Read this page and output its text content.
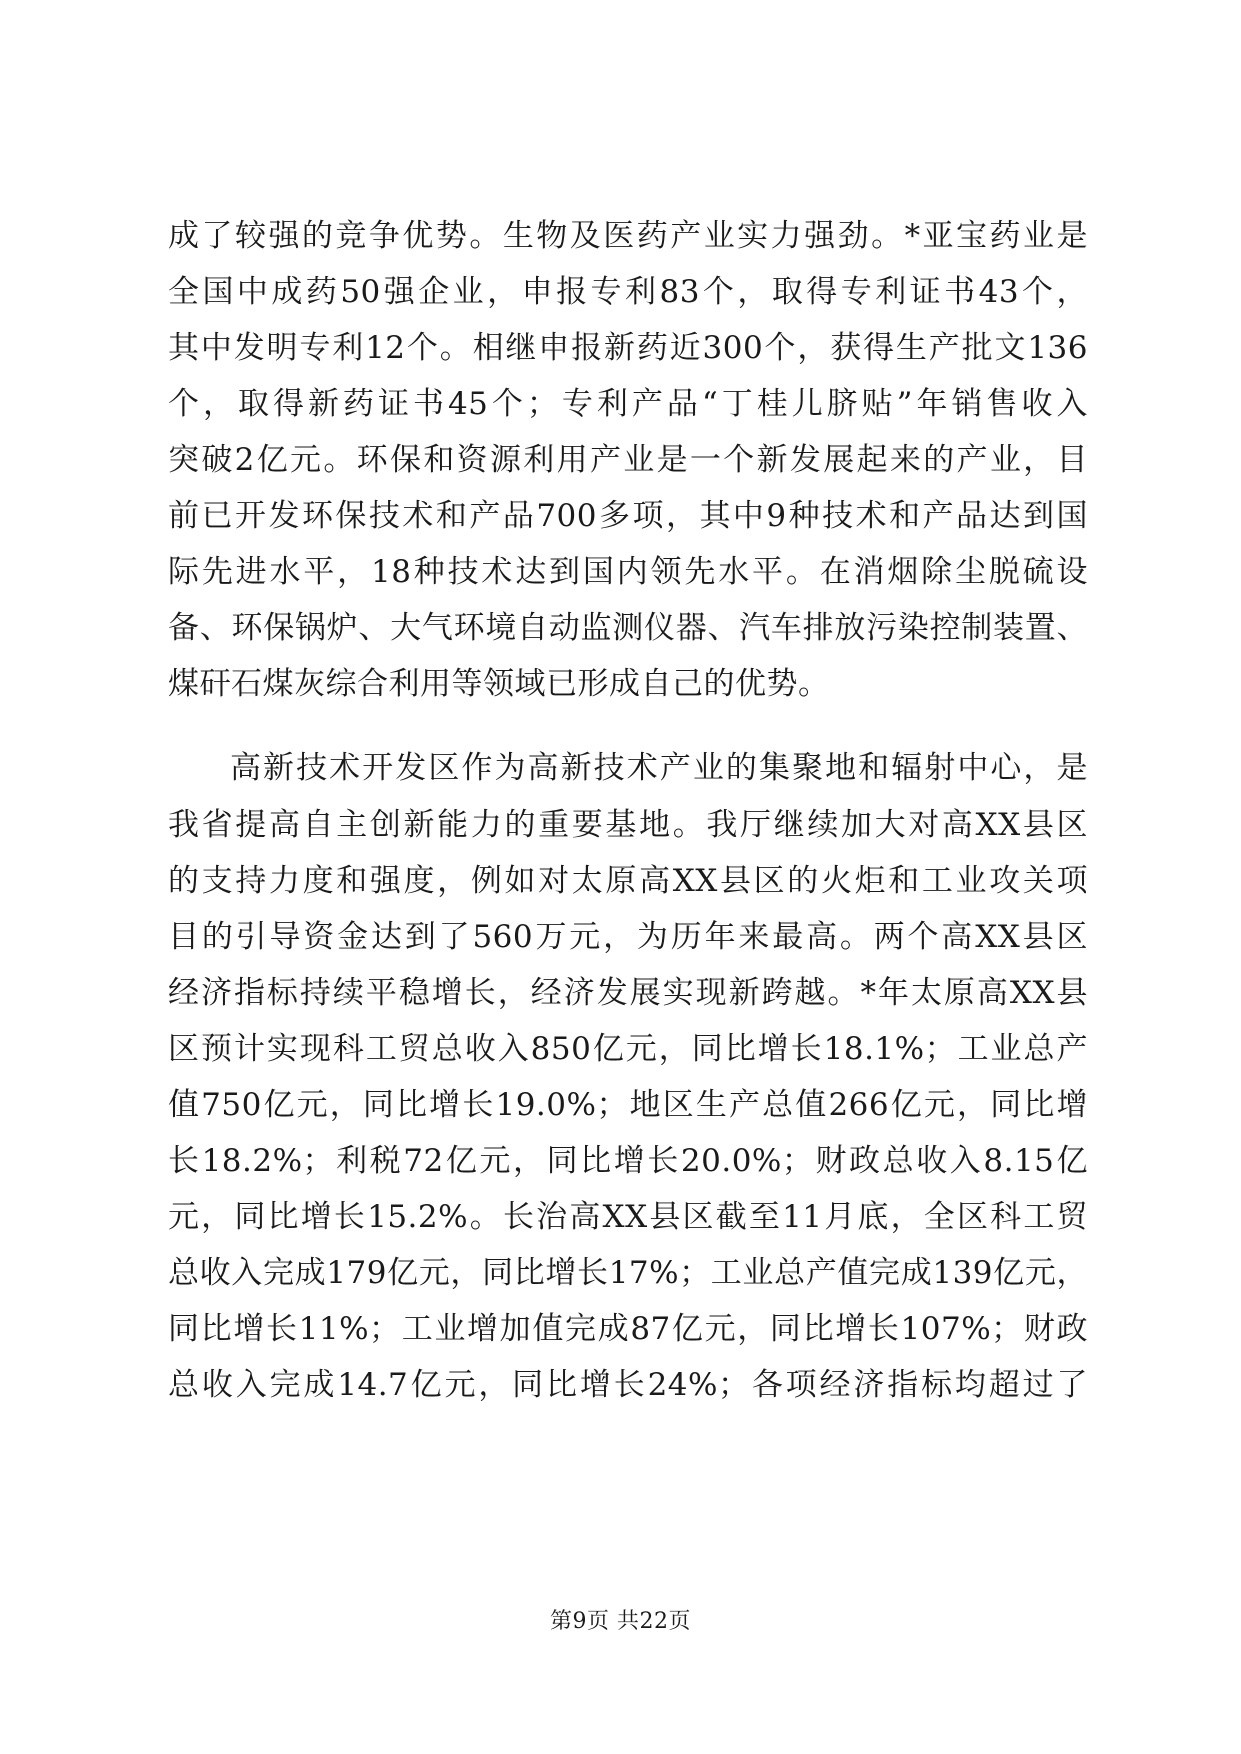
成了较强的竞争优势。生物及医药产业实力强劲。*亚宝药业是
全国中成药50强企业，申报专利83个，取得专利证书43个，
其中发明专利12个。相继申报新药近300个，获得生产批文136
个，取得新药证书45个；专利产品“丁桂儿脐贴”年销售收入
突破2亿元。环保和资源利用产业是一个新发展起来的产业，目
前已开发环保技术和产品700多项，其中9种技术和产品达到国
际先进水平，18种技术达到国内领先水平。在消烟除尘脱硫设
备、环保锅炉、大气环境自动监测仪器、汽车排放污染控制装置、
煤矸石煤灰综合利用等领域已形成自己的优势。
高新技术开发区作为高新技术产业的集聚地和辐射中心，是
我省提高自主创新能力的重要基地。我厅继续加大对高XX县区
的支持力度和强度，例如对太原高XX县区的火炬和工业攻关项
目的引导资金达到了560万元，为历年来最高。两个高XX县区
经济指标持续平稳增长，经济发展实现新跨越。*年太原高XX县
区预计实现科工贸总收入850亿元，同比增长18.1%；工业总产
值750亿元，同比增长19.0%；地区生产总值266亿元，同比增
长18.2%；利税72亿元，同比增长20.0%；财政总收入8.15亿
元，同比增长15.2%。长治高XX县区截至11月底，全区科工贸
总收入完成179亿元，同比增长17%；工业总产值完成139亿元，
同比增长11%；工业增加值完成87亿元，同比增长107%；财政
总收入完成14.7亿元，同比增长24%；各项经济指标均超过了
第9页 共22页
